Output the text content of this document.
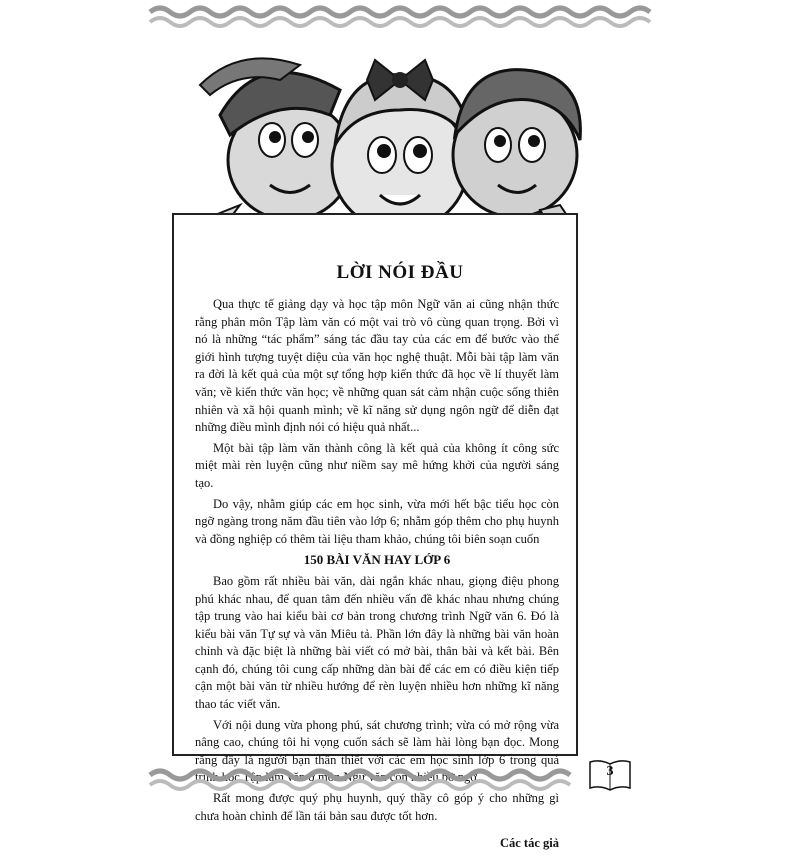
LỜI NÓI ĐẦU

Qua thực tế giảng dạy và học tập môn Ngữ văn ai cũng nhận thức rằng phân môn Tập làm văn có một vai trò vô cùng quan trọng. Bởi vì nó là những “tác phẩm” sáng tác đầu tay của các em để bước vào thế giới hình tượng tuyệt diệu của văn học nghệ thuật. Mỗi bài tập làm văn ra đời là kết quả của một sự tổng hợp kiến thức đã học về lí thuyết làm văn; về kiến thức văn học; về những quan sát cảm nhận cuộc sống thiên nhiên và xã hội quanh mình; về kĩ năng sử dụng ngôn ngữ để diễn đạt những điều mình định nói có hiệu quả nhất...

Một bài tập làm văn thành công là kết quả của không ít công sức miệt mài rèn luyện cũng như niềm say mê hứng khởi của người sáng tạo.

Do vậy, nhằm giúp các em học sinh, vừa mới hết bậc tiểu học còn ngỡ ngàng trong năm đầu tiên vào lớp 6; nhằm góp thêm cho phụ huynh và đồng nghiệp có thêm tài liệu tham khảo, chúng tôi biên soạn cuốn

150 BÀI VĂN HAY LỚP 6

Bao gồm rất nhiều bài văn, dài ngắn khác nhau, giọng điệu phong phú khác nhau, để quan tâm đến nhiều vấn đề khác nhau nhưng chúng tập trung vào hai kiểu bài cơ bản trong chương trình Ngữ văn 6. Đó là kiểu bài văn Tự sự và văn Miêu tả. Phần lớn đây là những bài văn hoàn chỉnh và đặc biệt là những bài viết có mở bài, thân bài và kết bài. Bên cạnh đó, chúng tôi cung cấp những dàn bài để các em có điều kiện tiếp cận một bài văn từ nhiều hướng để rèn luyện nhiều hơn những kĩ năng thao tác viết văn.

Với nội dung vừa phong phú, sát chương trình; vừa có mở rộng vừa nâng cao, chúng tôi hi vọng cuốn sách sẽ làm hài lòng bạn đọc. Mong rằng đây là người bạn thân thiết với các em học sinh lớp 6 trong quá trình học Tập làm văn ở môn Ngữ văn còn nhiều bỡ ngỡ.

Rất mong được quý phụ huynh, quý thầy cô góp ý cho những gì chưa hoàn chỉnh để lần tái bản sau được tốt hơn.

Các tác giả

3
